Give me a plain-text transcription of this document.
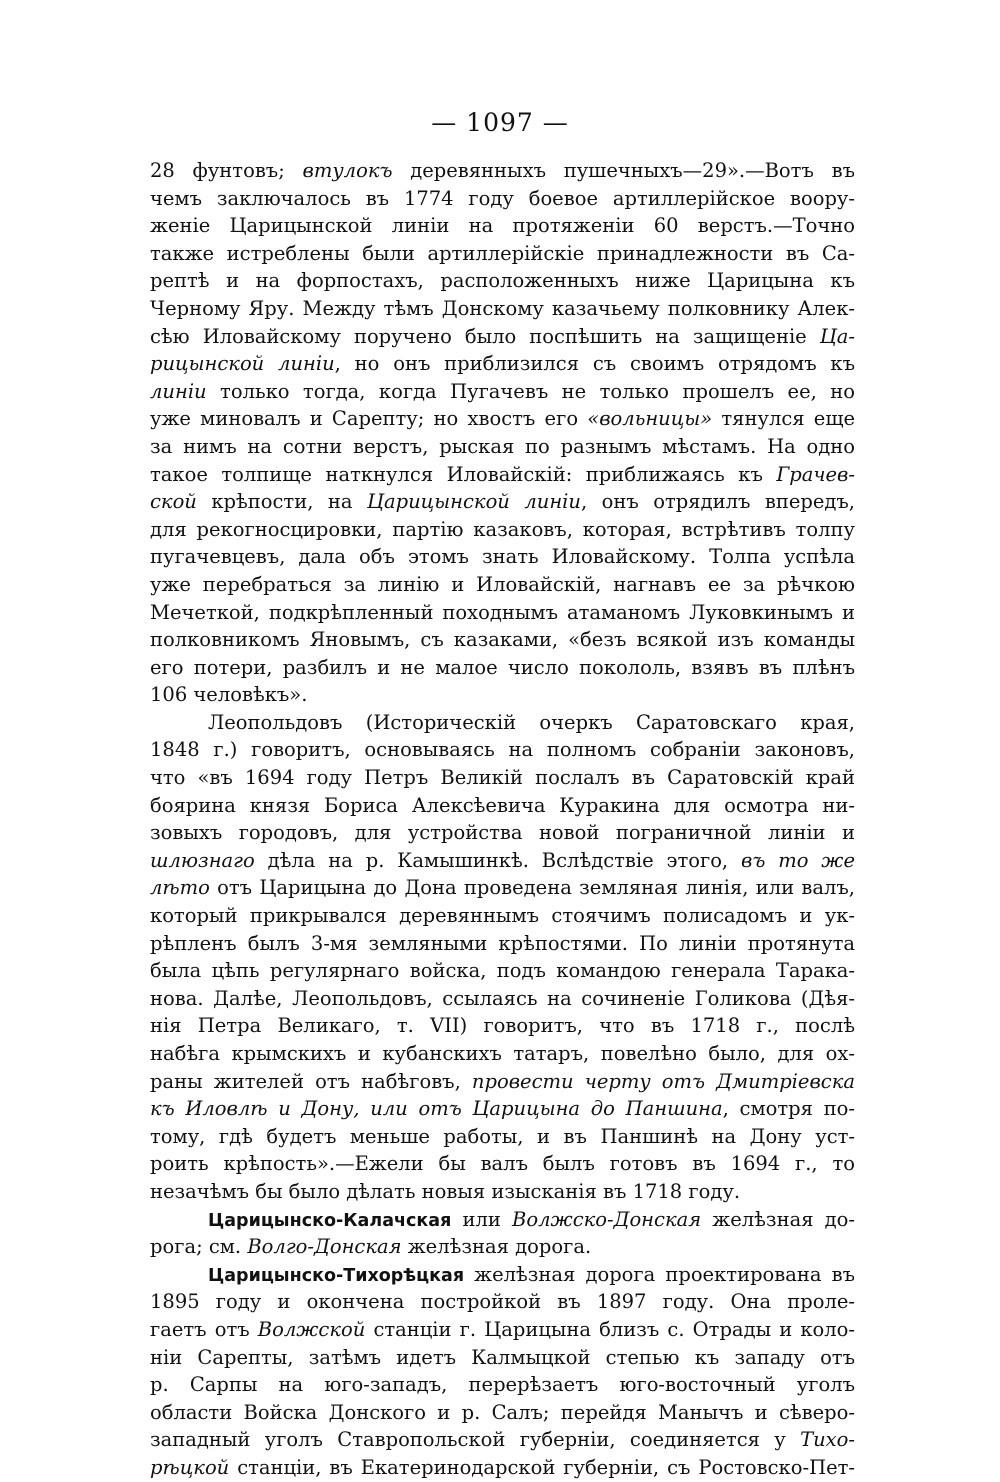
— 1097 —
28 фунтовъ; втулокъ деревянныхъ пушечныхъ—29».—Вотъ въ
чемъ заключалось въ 1774 году боевое артиллерійское воору-
женіе Царицынской линіи на протяженіи 60 верстъ.—Точно
также истреблены были артиллерійскіе принадлежности въ Са-
рептѣ и на форпостахъ, расположенныхъ ниже Царицына къ
Черному Яру. Между тѣмъ Донскому казачьему полковнику Алек-
сѣю Иловайскому поручено было поспѣшить на защищеніе Ца-
рицынской линіи, но онъ приблизился съ своимъ отрядомъ къ
линіи только тогда, когда Пугачевъ не только прошелъ ее, но
уже миновалъ и Сарепту; но хвостъ его «вольницы» тянулся еще
за нимъ на сотни верстъ, рыская по разнымъ мѣстамъ. На одно
такое толпище наткнулся Иловайскій: приближаясь къ Грачев-
ской крѣпости, на Царицынской линіи, онъ отрядилъ впередъ,
для рекогносцировки, партію казаковъ, которая, встрѣтивъ толпу
пугачевцевъ, дала объ этомъ знать Иловайскому. Толпа успѣла
уже перебраться за линію и Иловайскій, нагнавъ ее за рѣчкою
Мечеткой, подкрѣпленный походнымъ атаманомъ Луковкинымъ и
полковникомъ Яновымъ, съ казаками, «безъ всякой изъ команды
его потери, разбилъ и не малое число покололь, взявъ въ плѣнъ
106 человѣкъ».
Леопольдовъ (Историческій очеркъ Саратовскаго края,
1848 г.) говоритъ, основываясь на полномъ собраніи законовъ,
что «въ 1694 году Петръ Великій послалъ въ Саратовскій край
боярина князя Бориса Алексѣевича Куракина для осмотра ни-
зовыхъ городовъ, для устройства новой пограничной линіи и
шлюзнаго дѣла на р. Камышинкѣ. Вслѣдствіе этого, въ то же
лѣто отъ Царицына до Дона проведена земляная линія, или валъ,
который прикрывался деревяннымъ стоячимъ полисадомъ и ук-
рѣпленъ былъ 3-мя земляными крѣпостями. По линіи протянута
была цѣпь регулярнаго войска, подъ командою генерала Тарака-
нова. Далѣе, Леопольдовъ, ссылаясь на сочиненіе Голикова (Дѣя-
нія Петра Великаго, т. VII) говоритъ, что въ 1718 г., послѣ
набѣга крымскихъ и кубанскихъ татаръ, повелѣно было, для ох-
раны жителей отъ набѣговъ, провести черту отъ Дмитріевска
къ Иловлѣ и Дону, или отъ Царицына до Паншина, смотря по-
тому, гдѣ будетъ меньше работы, и въ Паншинѣ на Дону уст-
роить крѣпость».—Ежели бы валъ былъ готовъ въ 1694 г., то
незачѣмъ бы было дѣлать новыя изысканія въ 1718 году.
Царицынско-Калачская или Волжско-Донская желѣзная до-
рога; см. Волго-Донская желѣзная дорога.
Царицынско-Тихорѣцкая желѣзная дорога проектирована въ
1895 году и окончена постройкой въ 1897 году. Она проле-
гаетъ отъ Волжской станціи г. Царицына близъ с. Отрады и коло-
ніи Сарепты, затѣмъ идетъ Калмыцкой степью къ западу отъ
р. Сарпы на юго-западъ, перерѣзаетъ юго-восточный уголъ
области Войска Донского и р. Салъ; перейдя Манычъ и сѣверо-
западный уголъ Ставропольской губерніи, соединяется у Тихо-
рѣцкой станціи, въ Екатеринодарской губерніи, съ Ростовско-Пет-
